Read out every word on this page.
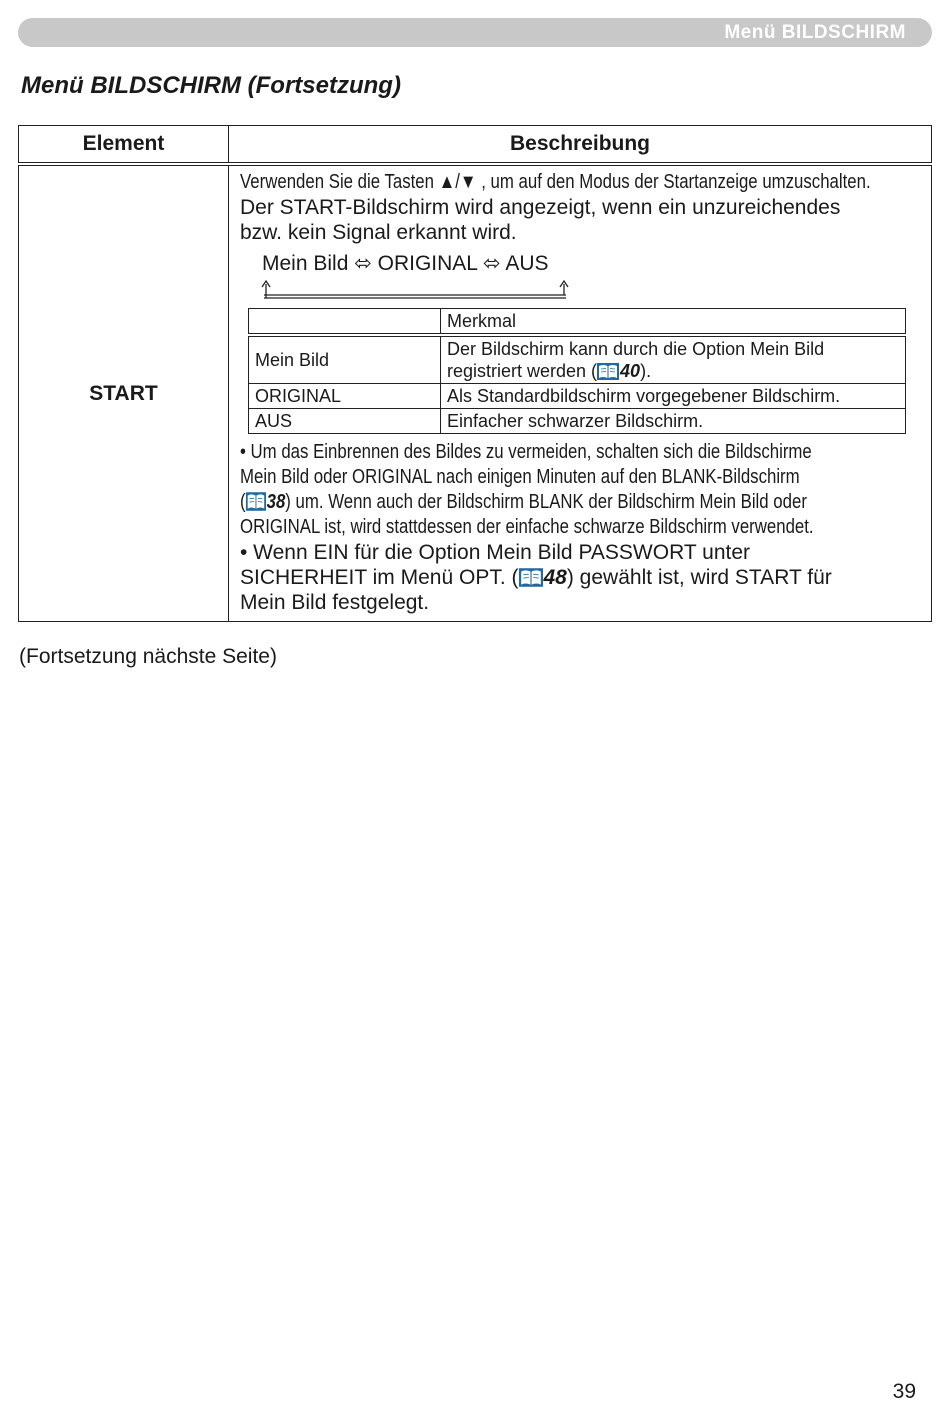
Menü BILDSCHIRM
Menü BILDSCHIRM (Fortsetzung)
Element	Beschreibung
START	
Verwenden Sie die Tasten ▲/▼ , um auf den Modus der Startanzeige umzuschalten.
Der START-Bildschirm wird angezeigt, wenn ein unzureichendes
bzw. kein Signal erkannt wird.
Mein Bild ⬄ ORIGINAL ⬄ AUS
	Merkmal
Mein Bild	Der Bildschirm kann durch die Option Mein Bild
registriert werden ( 40).
ORIGINAL	Als Standardbildschirm vorgegebener Bildschirm.
AUS	Einfacher schwarzer Bildschirm.
• Um das Einbrennen des Bildes zu vermeiden, schalten sich die Bildschirme
Mein Bild oder ORIGINAL nach einigen Minuten auf den BLANK-Bildschirm
( 38) um. Wenn auch der Bildschirm BLANK der Bildschirm Mein Bild oder
ORIGINAL ist, wird stattdessen der einfache schwarze Bildschirm verwendet.
• Wenn EIN für die Option Mein Bild PASSWORT unter
SICHERHEIT im Menü OPT. ( 48) gewählt ist, wird START für
Mein Bild festgelegt.
(Fortsetzung nächste Seite)
39
